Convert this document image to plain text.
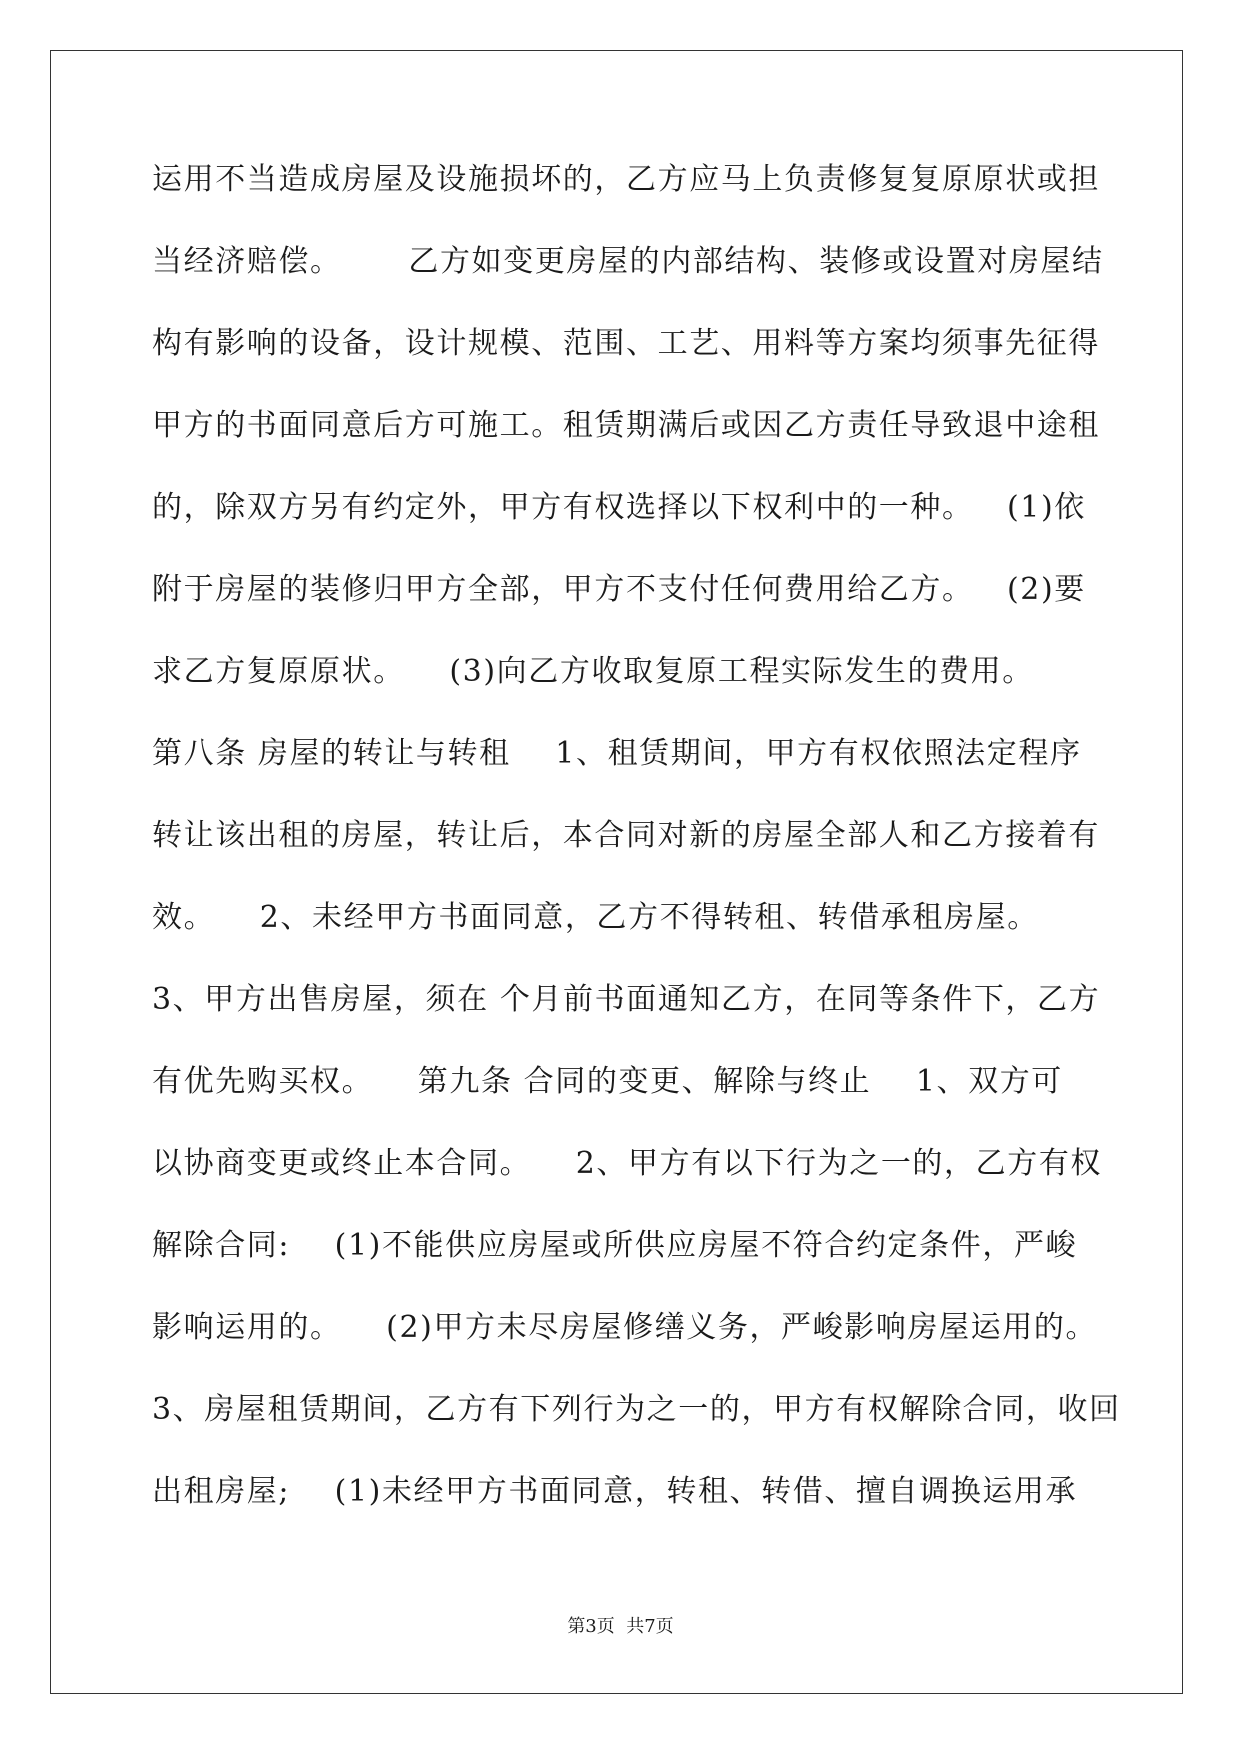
运用不当造成房屋及设施损坏的，乙方应马上负责修复复原原状或担
当经济赔偿。      乙方如变更房屋的内部结构、装修或设置对房屋结
构有影响的设备，设计规模、范围、工艺、用料等方案均须事先征得
甲方的书面同意后方可施工。租赁期满后或因乙方责任导致退中途租
的，除双方另有约定外，甲方有权选择以下权利中的一种。   (1)依
附于房屋的装修归甲方全部，甲方不支付任何费用给乙方。   (2)要
求乙方复原原状。    (3)向乙方收取复原工程实际发生的费用。
第八条 房屋的转让与转租    1、租赁期间，甲方有权依照法定程序
转让该出租的房屋，转让后，本合同对新的房屋全部人和乙方接着有
效。    2、未经甲方书面同意，乙方不得转租、转借承租房屋。
3、甲方出售房屋，须在 个月前书面通知乙方，在同等条件下，乙方
有优先购买权。    第九条 合同的变更、解除与终止    1、双方可
以协商变更或终止本合同。    2、甲方有以下行为之一的，乙方有权
解除合同:    (1)不能供应房屋或所供应房屋不符合约定条件，严峻
影响运用的。    (2)甲方未尽房屋修缮义务，严峻影响房屋运用的。
3、房屋租赁期间，乙方有下列行为之一的，甲方有权解除合同，收回
出租房屋;    (1)未经甲方书面同意，转租、转借、擅自调换运用承
第3页  共7页
